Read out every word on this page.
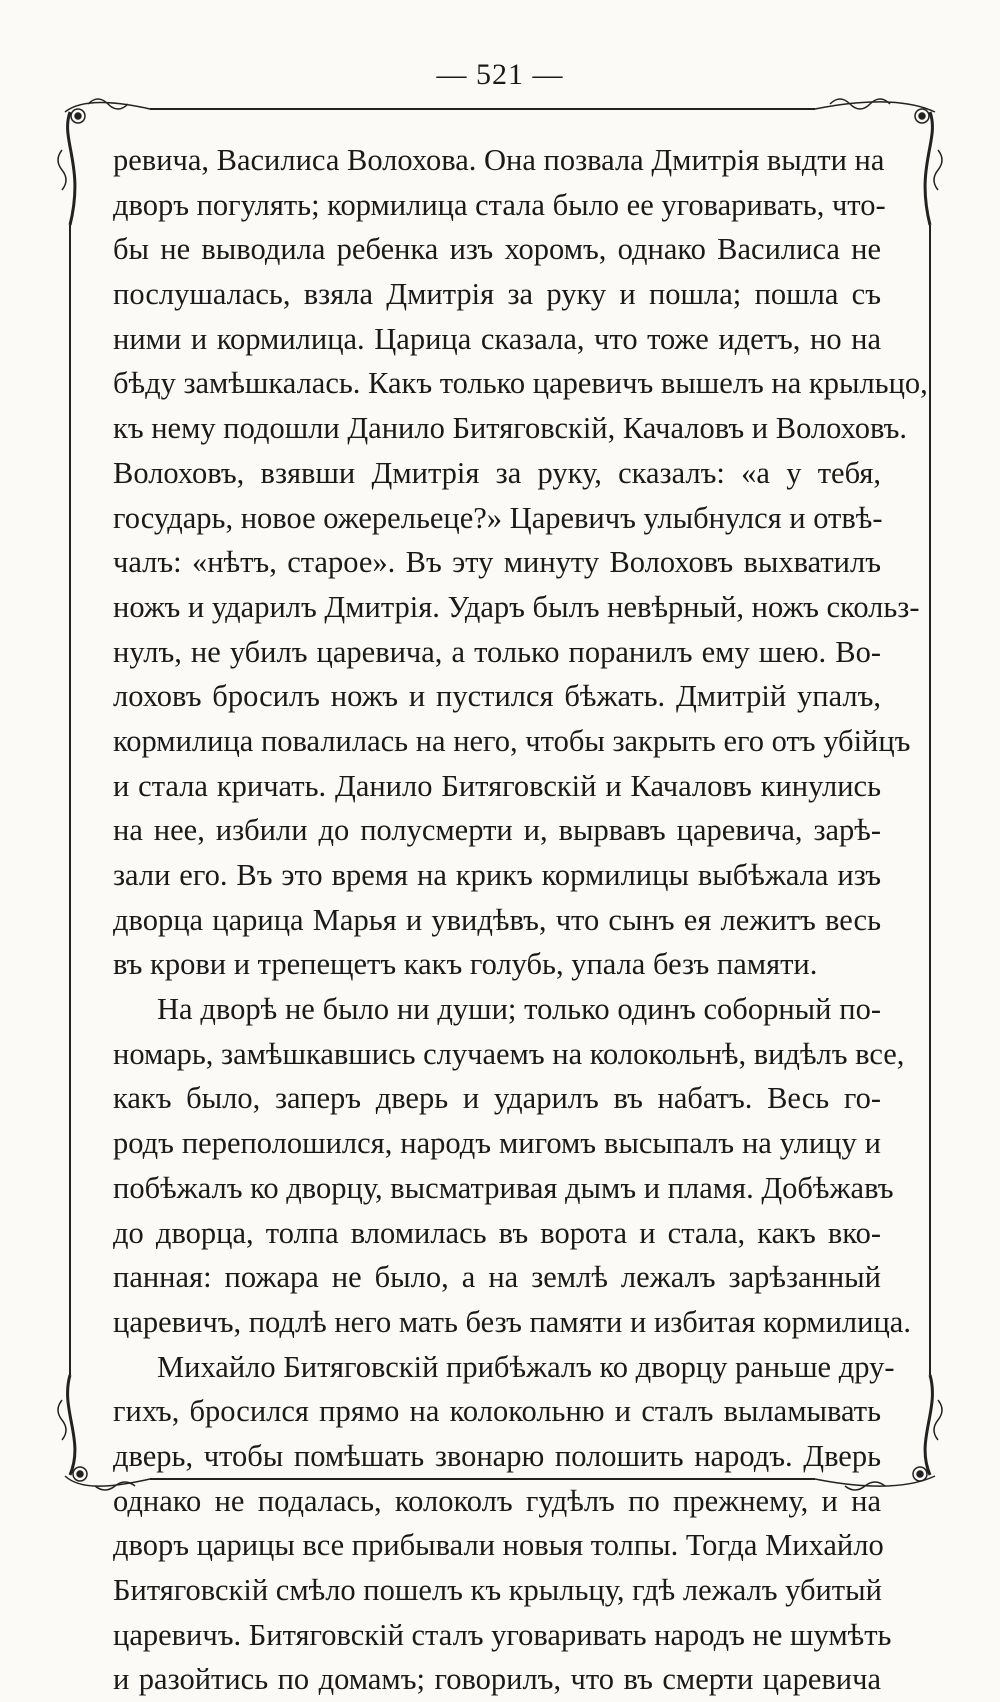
— 521 —
ревича, Василиса Волохова. Она позвала Дмитрія выдти на
дворъ погулять; кормилица стала было ее уговаривать, что-
бы не выводила ребенка изъ хоромъ, однако Василиса не
послушалась, взяла Дмитрія за руку и пошла; пошла съ
ними и кормилица. Царица сказала, что тоже идетъ, но на
бѣду замѣшкалась. Какъ только царевичъ вышелъ на крыльцо,
къ нему подошли Данило Битяговскій, Качаловъ и Волоховъ.
Волоховъ, взявши Дмитрія за руку, сказалъ: «а у тебя,
государь, новое ожерельеце?» Царевичъ улыбнулся и отвѣ-
чалъ: «нѣтъ, старое». Въ эту минуту Волоховъ выхватилъ
ножъ и ударилъ Дмитрія. Ударъ былъ невѣрный, ножъ скольз-
нулъ, не убилъ царевича, а только поранилъ ему шею. Во-
лоховъ бросилъ ножъ и пустился бѣжать. Дмитрій упалъ,
кормилица повалилась на него, чтобы закрыть его отъ убійцъ
и стала кричать. Данило Битяговскій и Качаловъ кинулись
на нее, избили до полусмерти и, вырвавъ царевича, зарѣ-
зали его. Въ это время на крикъ кормилицы выбѣжала изъ
дворца царица Марья и увидѣвъ, что сынъ ея лежитъ весь
въ крови и трепещетъ какъ голубь, упала безъ памяти.
На дворѣ не было ни души; только одинъ соборный по-
номарь, замѣшкавшись случаемъ на колокольнѣ, видѣлъ все,
какъ было, заперъ дверь и ударилъ въ набатъ. Весь го-
родъ переполошился, народъ мигомъ высыпалъ на улицу и
побѣжалъ ко дворцу, высматривая дымъ и пламя. Добѣжавъ
до дворца, толпа вломилась въ ворота и стала, какъ вко-
панная: пожара не было, а на землѣ лежалъ зарѣзанный
царевичъ, подлѣ него мать безъ памяти и избитая кормилица.
Михайло Битяговскій прибѣжалъ ко дворцу раньше дру-
гихъ, бросился прямо на колокольню и сталъ выламывать
дверь, чтобы помѣшать звонарю полошить народъ. Дверь
однако не подалась, колоколъ гудѣлъ по прежнему, и на
дворъ царицы все прибывали новыя толпы. Тогда Михайло
Битяговскій смѣло пошелъ къ крыльцу, гдѣ лежалъ убитый
царевичъ. Битяговскій сталъ уговаривать народъ не шумѣть
и разойтись по домамъ; говорилъ, что въ смерти царевича
